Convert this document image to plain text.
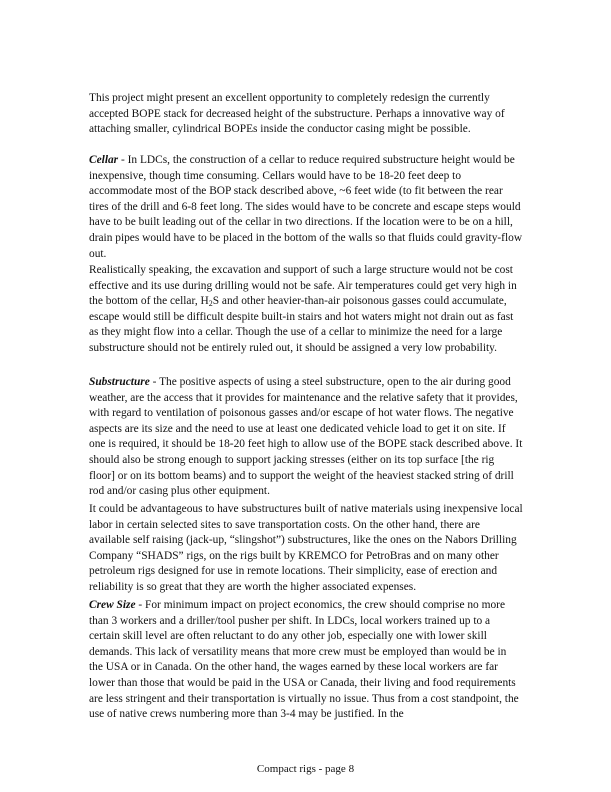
This project might present an excellent opportunity to completely redesign the currently accepted BOPE stack for decreased height of the substructure. Perhaps a innovative way of attaching smaller, cylindrical BOPEs inside the conductor casing might be possible.

Cellar - In LDCs, the construction of a cellar to reduce required substructure height would be inexpensive, though time consuming. Cellars would have to be 18-20 feet deep to accommodate most of the BOP stack described above, ~6 feet wide (to fit between the rear tires of the drill and 6-8 feet long. The sides would have to be concrete and escape steps would have to be built leading out of the cellar in two directions. If the location were to be on a hill, drain pipes would have to be placed in the bottom of the walls so that fluids could gravity-flow out.

Realistically speaking, the excavation and support of such a large structure would not be cost effective and its use during drilling would not be safe. Air temperatures could get very high in the bottom of the cellar, $H_2S$ and other heavier-than-air poisonous gasses could accumulate, escape would still be difficult despite built-in stairs and hot waters might not drain out as fast as they might flow into a cellar. Though the use of a cellar to minimize the need for a large substructure should not be entirely ruled out, it should be assigned a very low probability.

Substructure - The positive aspects of using a steel substructure, open to the air during good weather, are the access that it provides for maintenance and the relative safety that it provides, with regard to ventilation of poisonous gasses and/or escape of hot water flows. The negative aspects are its size and the need to use at least one dedicated vehicle load to get it on site. If one is required, it should be 18-20 feet high to allow use of the BOPE stack described above. It should also be strong enough to support jacking stresses (either on its top surface [the rig floor] or on its bottom beams) and to support the weight of the heaviest stacked string of drill rod and/or casing plus other equipment.

It could be advantageous to have substructures built of native materials using inexpensive local labor in certain selected sites to save transportation costs. On the other hand, there are available self raising (jack-up, “slingshot”) substructures, like the ones on the Nabors Drilling Company “SHADS” rigs, on the rigs built by KREMCO for PetroBras and on many other petroleum rigs designed for use in remote locations. Their simplicity, ease of erection and reliability is so great that they are worth the higher associated expenses.

Crew Size - For minimum impact on project economics, the crew should comprise no more than 3 workers and a driller/tool pusher per shift. In LDCs, local workers trained up to a certain skill level are often reluctant to do any other job, especially one with lower skill demands. This lack of versatility means that more crew must be employed than would be in the USA or in Canada. On the other hand, the wages earned by these local workers are far lower than those that would be paid in the USA or Canada, their living and food requirements are less stringent and their transportation is virtually no issue. Thus from a cost standpoint, the use of native crews numbering more than 3-4 may be justified. In the

Compact rigs - page 8
